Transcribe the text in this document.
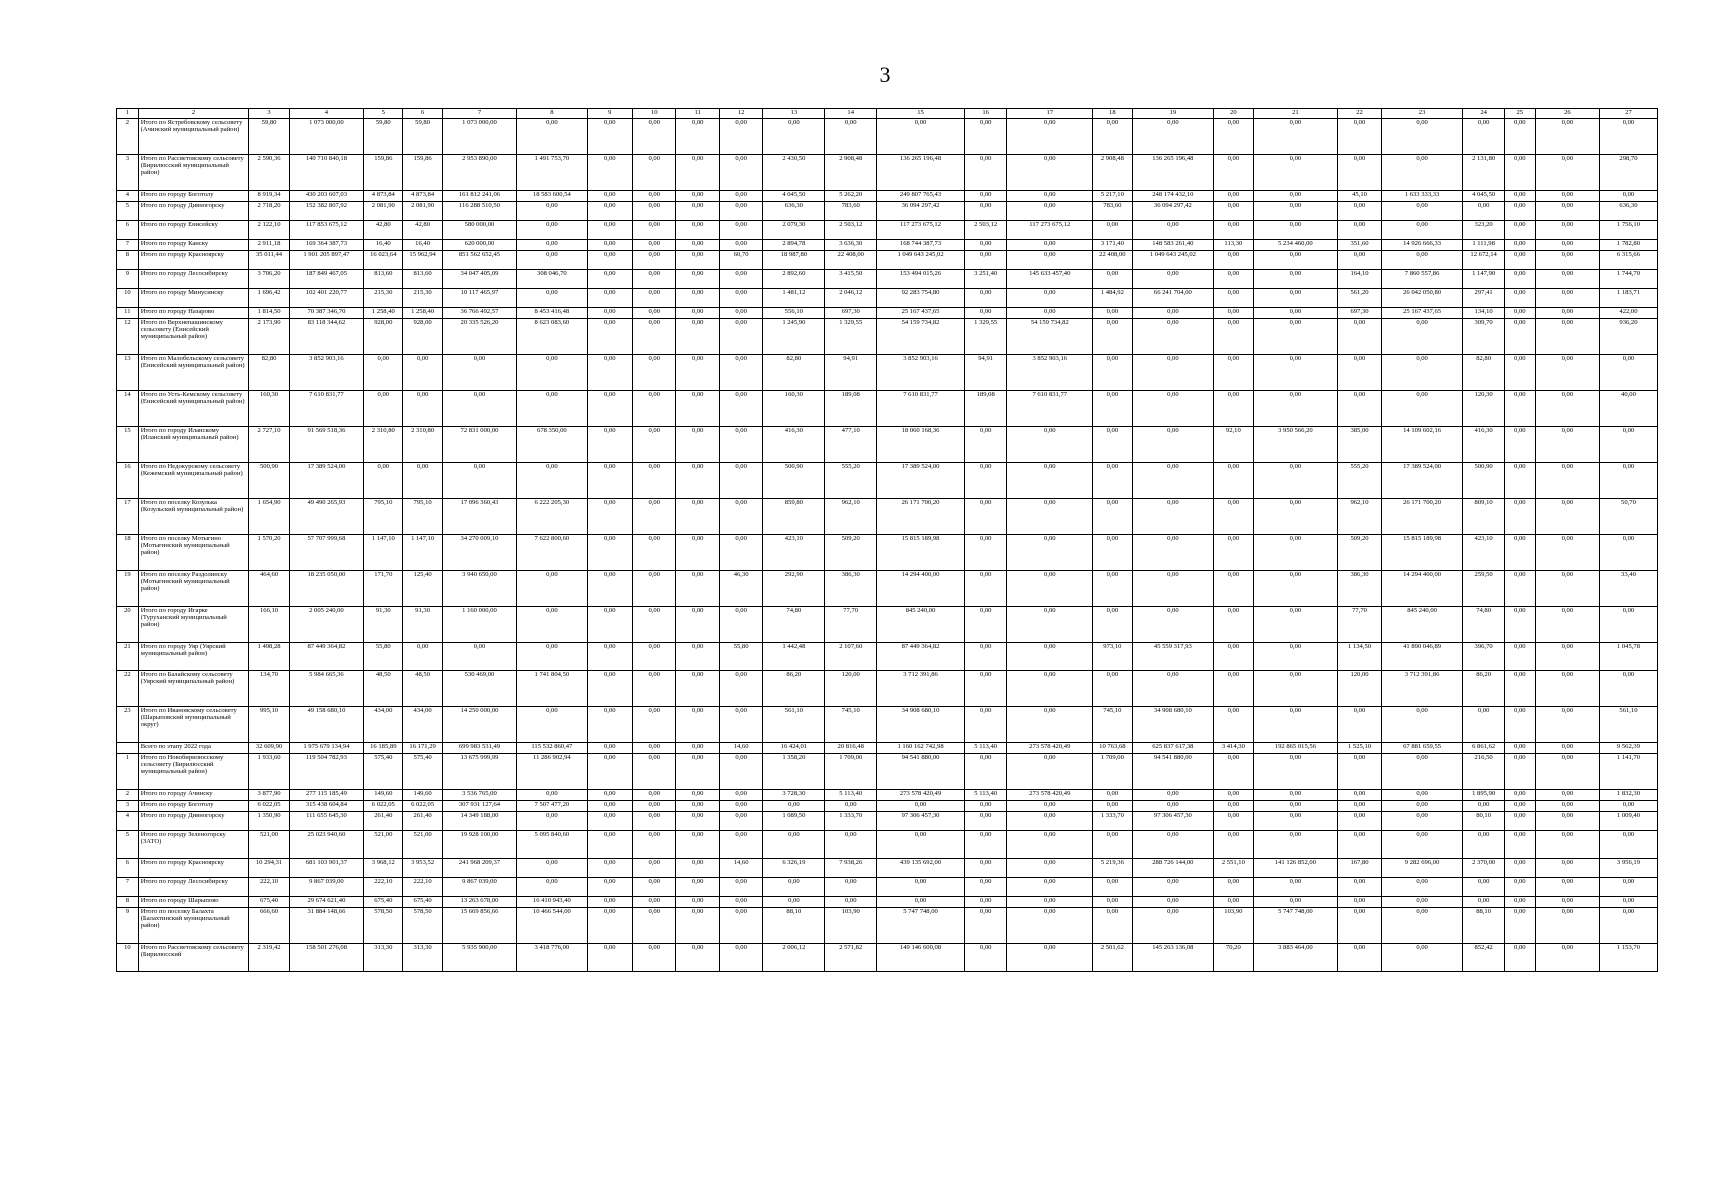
3
1	2	3	4	5	6	7	8	9	10	11	12	13	14	15	16	17	18	19	20	21	22	23	24	25	26	27
2	Итого по Ястребовскому сельсовету (Ачинский муниципальный район)	59,80	1 073 000,00	59,80	59,80	1 073 000,00	0,00	0,00	0,00	0,00	0,00	0,00	0,00	0,00	0,00	0,00	0,00	0,00	0,00	0,00	0,00	0,00	0,00	0,00	0,00	0,00
3	Итого по Рассветовскому сельсовету (Бирилюсский муниципальный район)	2 590,36	140 710 840,18	159,86	159,86	2 953 890,00	1 491 753,70	0,00	0,00	0,00	0,00	2 430,50	2 908,48	136 265 196,48	0,00	0,00	2 908,48	136 265 196,48	0,00	0,00	0,00	0,00	2 131,80	0,00	0,00	298,70
4	Итого по городу Боготолу	8 919,34	430 203 607,03	4 873,84	4 873,84	161 812 241,06	18 583 600,54	0,00	0,00	0,00	0,00	4 045,50	5 262,20	249 807 765,43	0,00	0,00	5 217,10	248 174 432,10	0,00	0,00	45,10	1 633 333,33	4 045,50	0,00	0,00	0,00
5	Итого по городу Дивногорску	2 718,20	152 382 807,92	2 081,90	2 081,90	116 288 510,50	0,00	0,00	0,00	0,00	0,00	636,30	783,60	36 094 297,42	0,00	0,00	783,60	36 094 297,42	0,00	0,00	0,00	0,00	0,00	0,00	0,00	636,30
6	Итого по городу Енисейску	2 122,10	117 853 675,12	42,80	42,80	580 000,00	0,00	0,00	0,00	0,00	0,00	2 079,30	2 503,12	117 273 675,12	2 503,12	117 273 675,12	0,00	0,00	0,00	0,00	0,00	0,00	323,20	0,00	0,00	1 756,10
7	Итого по городу Канску	2 911,18	169 364 387,73	16,40	16,40	620 000,00	0,00	0,00	0,00	0,00	0,00	2 894,78	3 636,30	168 744 387,73	0,00	0,00	3 171,40	148 583 261,40	113,30	5 234 460,00	351,60	14 926 666,33	1 111,98	0,00	0,00	1 782,80
8	Итого по городу Красноярску	35 011,44	1 901 205 897,47	16 023,64	15 962,94	851 562 652,45	0,00	0,00	0,00	0,00	60,70	18 987,80	22 408,00	1 049 643 245,02	0,00	0,00	22 408,00	1 049 643 245,02	0,00	0,00	0,00	0,00	12 672,14	0,00	0,00	6 315,66
9	Итого по городу Лесосибирску	3 706,20	187 849 467,05	813,60	813,60	34 047 405,09	308 046,70	0,00	0,00	0,00	0,00	2 892,60	3 415,50	153 494 015,26	3 251,40	145 633 457,40	0,00	0,00	0,00	0,00	164,10	7 860 557,86	1 147,90	0,00	0,00	1 744,70
10	Итого по городу Минусинску	1 696,42	102 401 220,77	215,30	215,30	10 117 465,97	0,00	0,00	0,00	0,00	0,00	1 481,12	2 046,12	92 283 754,80	0,00	0,00	1 484,92	66 241 704,00	0,00	0,00	561,20	26 042 050,80	297,41	0,00	0,00	1 183,71
11	Итого по городу Назарово	1 814,50	70 387 346,70	1 258,40	1 258,40	36 766 492,57	8 453 416,48	0,00	0,00	0,00	0,00	556,10	697,30	25 167 437,65	0,00	0,00	0,00	0,00	0,00	0,00	697,30	25 167 437,65	134,10	0,00	0,00	422,00
12	Итого по Верхнепашинскому сельсовету (Енисейский муниципальный район)	2 173,90	83 118 344,62	928,00	928,00	20 335 526,20	8 623 083,60	0,00	0,00	0,00	0,00	1 245,90	1 329,55	54 159 734,82	1 329,55	54 159 734,82	0,00	0,00	0,00	0,00	0,00	0,00	309,70	0,00	0,00	936,20
13	Итого по Малобельскому сельсовету (Енисейский муниципальный район)	82,80	3 852 903,16	0,00	0,00	0,00	0,00	0,00	0,00	0,00	0,00	82,80	94,91	3 852 903,16	94,91	3 852 903,16	0,00	0,00	0,00	0,00	0,00	0,00	82,80	0,00	0,00	0,00
14	Итого по Усть-Кемскому сельсовету (Енисейский муниципальный район)	160,30	7 610 831,77	0,00	0,00	0,00	0,00	0,00	0,00	0,00	0,00	160,30	189,08	7 610 831,77	189,08	7 610 831,77	0,00	0,00	0,00	0,00	0,00	0,00	120,30	0,00	0,00	40,00
15	Итого по городу Иланскому (Иланский муниципальный район)	2 727,10	91 569 518,36	2 310,80	2 310,80	72 831 000,00	678 350,00	0,00	0,00	0,00	0,00	416,30	477,10	18 060 168,36	0,00	0,00	0,00	0,00	92,10	3 950 566,20	385,00	14 109 602,16	416,30	0,00	0,00	0,00
16	Итого по Недокурскому сельсовету (Кежемский муниципальный район)	500,90	17 389 524,00	0,00	0,00	0,00	0,00	0,00	0,00	0,00	0,00	500,90	555,20	17 389 524,00	0,00	0,00	0,00	0,00	0,00	0,00	555,20	17 389 524,00	500,90	0,00	0,00	0,00
17	Итого по поселку Козулька (Козульский муниципальный район)	1 654,90	49 490 265,93	795,10	795,10	17 096 360,43	6 222 205,30	0,00	0,00	0,00	0,00	859,80	962,10	26 171 700,20	0,00	0,00	0,00	0,00	0,00	0,00	962,10	26 171 700,20	809,10	0,00	0,00	50,70
18	Итого по поселку Мотыгино (Мотыгинский муниципальный район)	1 570,20	57 707 999,68	1 147,10	1 147,10	34 270 009,10	7 622 800,60	0,00	0,00	0,00	0,00	423,10	509,20	15 815 189,98	0,00	0,00	0,00	0,00	0,00	0,00	509,20	15 815 189,98	423,10	0,00	0,00	0,00
19	Итого по поселку Раздолинску (Мотыгинский муниципальный район)	464,60	18 235 050,00	171,70	125,40	3 940 650,00	0,00	0,00	0,00	0,00	46,30	292,90	386,30	14 294 400,00	0,00	0,00	0,00	0,00	0,00	0,00	386,30	14 294 400,00	259,50	0,00	0,00	33,40
20	Итого по городу Игарке (Туруханский муниципальный район)	166,10	2 005 240,00	91,30	91,30	1 160 000,00	0,00	0,00	0,00	0,00	0,00	74,80	77,70	845 240,00	0,00	0,00	0,00	0,00	0,00	0,00	77,70	845 240,00	74,80	0,00	0,00	0,00
21	Итого по городу Уяр (Уярский муниципальный район)	1 498,28	87 449 364,82	55,80	0,00	0,00	0,00	0,00	0,00	0,00	55,80	1 442,48	2 107,60	87 449 364,82	0,00	0,00	973,10	45 559 317,93	0,00	0,00	1 134,50	41 890 046,89	396,70	0,00	0,00	1 045,78
22	Итого по Балайскому сельсовету (Уярский муниципальный район)	134,70	5 984 665,36	48,50	48,50	530 469,00	1 741 804,50	0,00	0,00	0,00	0,00	86,20	120,00	3 712 391,86	0,00	0,00	0,00	0,00	0,00	0,00	120,00	3 712 391,86	86,20	0,00	0,00	0,00
23	Итого по Ивановскому сельсовету (Шарыповский муниципальный округ)	995,10	49 158 680,10	434,00	434,00	14 250 000,00	0,00	0,00	0,00	0,00	0,00	561,10	745,10	34 908 680,10	0,00	0,00	745,10	34 908 680,10	0,00	0,00	0,00	0,00	0,00	0,00	0,00	561,10
	Всего по этапу 2022 года	32 609,90	1 975 679 134,94	16 185,89	16 171,29	699 983 531,49	115 532 860,47	0,00	0,00	0,00	14,60	16 424,01	20 816,48	1 160 162 742,98	5 113,40	273 578 420,49	10 763,68	625 837 617,38	3 414,30	192 865 015,56	1 525,10	67 881 659,55	6 861,62	0,00	0,00	9 562,39
1	Итого по Новобирилюсскому сельсовету (Бирилюсский муниципальный район)	1 933,60	119 504 782,93	575,40	575,40	13 675 999,99	11 286 902,94	0,00	0,00	0,00	0,00	1 358,20	1 709,00	94 541 880,00	0,00	0,00	1 709,00	94 541 880,00	0,00	0,00	0,00	0,00	216,50	0,00	0,00	1 141,70
2	Итого по городу Ачинску	3 877,90	277 115 185,49	149,60	149,60	3 536 765,00	0,00	0,00	0,00	0,00	0,00	3 728,30	5 113,40	273 578 420,49	5 113,40	273 578 420,49	0,00	0,00	0,00	0,00	0,00	0,00	1 895,90	0,00	0,00	1 832,30
3	Итого по городу Боготолу	6 022,05	315 438 604,84	6 022,05	6 022,05	307 931 127,64	7 507 477,20	0,00	0,00	0,00	0,00	0,00	0,00	0,00	0,00	0,00	0,00	0,00	0,00	0,00	0,00	0,00	0,00	0,00	0,00	0,00
4	Итого по городу Дивногорску	1 350,90	111 655 645,30	261,40	261,40	14 349 188,00	0,00	0,00	0,00	0,00	0,00	1 089,50	1 333,70	97 306 457,30	0,00	0,00	1 333,70	97 306 457,30	0,00	0,00	0,00	0,00	80,10	0,00	0,00	1 009,40
5	Итого по городу Зеленогорску (ЗАТО)	521,00	25 023 940,60	521,00	521,00	19 928 100,00	5 095 840,60	0,00	0,00	0,00	0,00	0,00	0,00	0,00	0,00	0,00	0,00	0,00	0,00	0,00	0,00	0,00	0,00	0,00	0,00	0,00
6	Итого по городу Красноярску	10 294,31	681 103 901,37	3 968,12	3 953,52	241 968 209,37	0,00	0,00	0,00	0,00	14,60	6 326,19	7 938,26	439 135 692,00	0,00	0,00	5 219,36	288 726 144,00	2 551,10	141 126 852,00	167,80	9 282 696,00	2 370,00	0,00	0,00	3 956,19
7	Итого по городу Лесосибирску	222,10	9 867 039,00	222,10	222,10	9 867 039,00	0,00	0,00	0,00	0,00	0,00	0,00	0,00	0,00	0,00	0,00	0,00	0,00	0,00	0,00	0,00	0,00	0,00	0,00	0,00	0,00
8	Итого по городу Шарыпово	675,40	29 674 621,40	675,40	675,40	13 263 678,00	16 410 943,40	0,00	0,00	0,00	0,00	0,00	0,00	0,00	0,00	0,00	0,00	0,00	0,00	0,00	0,00	0,00	0,00	0,00	0,00	0,00
9	Итого по поселку Балахта (Балахтинский муниципальный район)	666,60	31 884 148,66	578,50	578,50	15 669 856,66	10 466 544,00	0,00	0,00	0,00	0,00	88,10	103,90	5 747 748,00	0,00	0,00	0,00	0,00	103,90	5 747 748,00	0,00	0,00	88,10	0,00	0,00	0,00
10	Итого по Рассветовскому сельсовету (Бирилюсский	2 319,42	158 501 276,08	313,30	313,30	5 935 900,00	3 418 776,00	0,00	0,00	0,00	0,00	2 006,12	2 571,82	149 146 600,08	0,00	0,00	2 501,62	145 263 136,08	70,20	3 883 464,00	0,00	0,00	852,42	0,00	0,00	1 153,70
